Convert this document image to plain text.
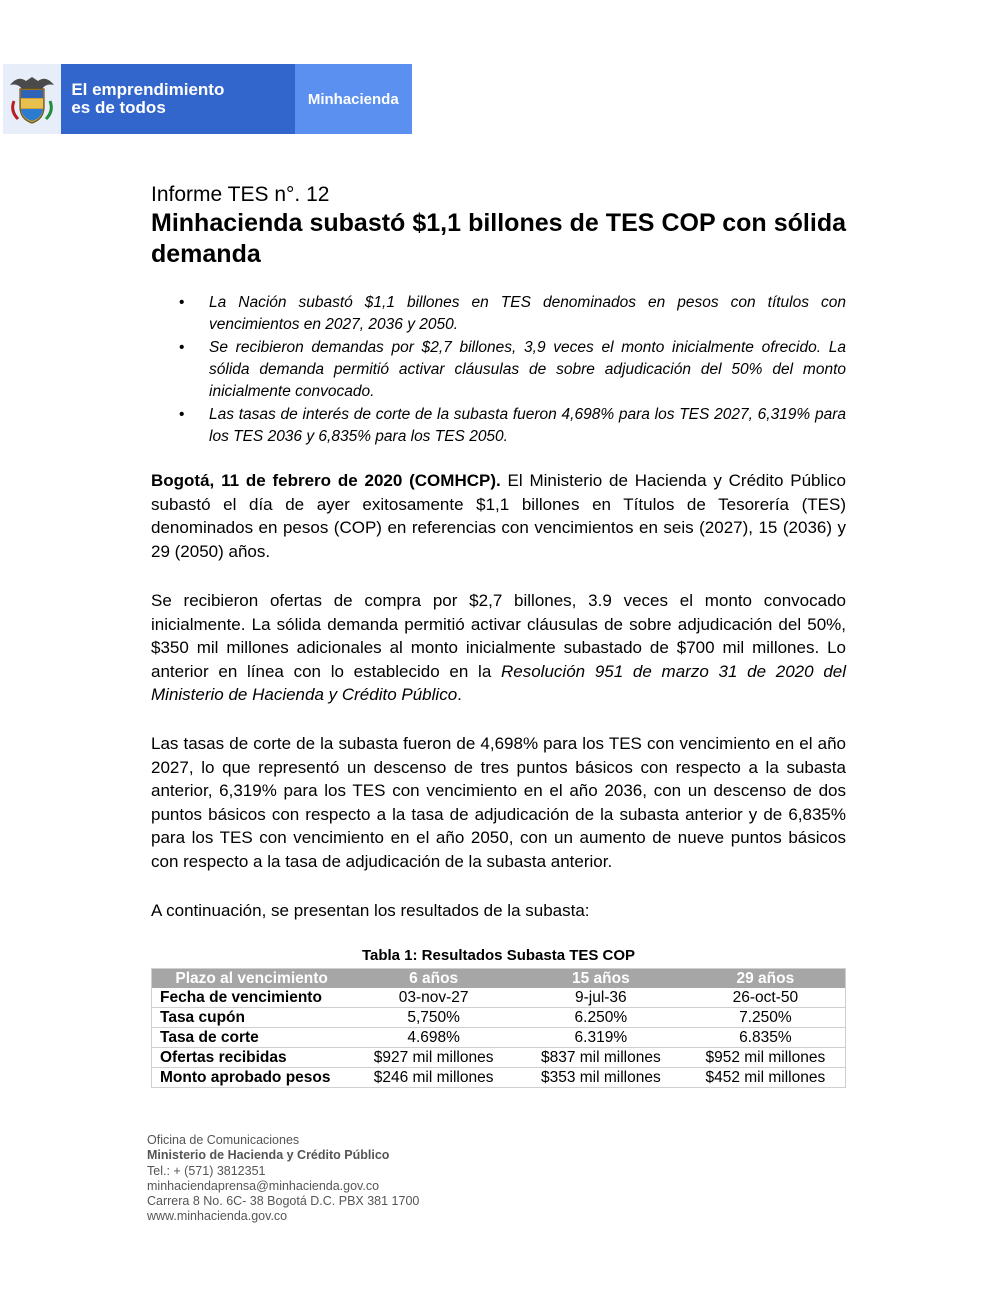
El emprendimiento
es de todos	Minhacienda
Informe TES n°. 12
Minhacienda subastó $1,1 billones de TES COP con sólida demanda
• La Nación subastó $1,1 billones en TES denominados en pesos con títulos con vencimientos en 2027, 2036 y 2050.
• Se recibieron demandas por $2,7 billones, 3,9 veces el monto inicialmente ofrecido. La sólida demanda permitió activar cláusulas de sobre adjudicación del 50% del monto inicialmente convocado.
• Las tasas de interés de corte de la subasta fueron 4,698% para los TES 2027, 6,319% para los TES 2036 y 6,835% para los TES 2050.

Bogotá, 11 de febrero de 2020 (COMHCP). El Ministerio de Hacienda y Crédito Público subastó el día de ayer exitosamente $1,1 billones en Títulos de Tesorería (TES) denominados en pesos (COP) en referencias con vencimientos en seis (2027), 15 (2036) y 29 (2050) años.

Se recibieron ofertas de compra por $2,7 billones, 3.9 veces el monto convocado inicialmente. La sólida demanda permitió activar cláusulas de sobre adjudicación del 50%, $350 mil millones adicionales al monto inicialmente subastado de $700 mil millones. Lo anterior en línea con lo establecido en la Resolución 951 de marzo 31 de 2020 del Ministerio de Hacienda y Crédito Público.

Las tasas de corte de la subasta fueron de 4,698% para los TES con vencimiento en el año 2027, lo que representó un descenso de tres puntos básicos con respecto a la subasta anterior, 6,319% para los TES con vencimiento en el año 2036, con un descenso de dos puntos básicos con respecto a la tasa de adjudicación de la subasta anterior y de 6,835% para los TES con vencimiento en el año 2050, con un aumento de nueve puntos básicos con respecto a la tasa de adjudicación de la subasta anterior.

A continuación, se presentan los resultados de la subasta:

Tabla 1: Resultados Subasta TES COP
Plazo al vencimiento	6 años	15 años	29 años
Fecha de vencimiento	03-nov-27	9-jul-36	26-oct-50
Tasa cupón	5,750%	6.250%	7.250%
Tasa de corte	4.698%	6.319%	6.835%
Ofertas recibidas	$927 mil millones	$837 mil millones	$952 mil millones
Monto aprobado pesos	$246 mil millones	$353 mil millones	$452 mil millones
Oficina de Comunicaciones
Ministerio de Hacienda y Crédito Público
Tel.: + (571) 3812351
minhaciendaprensa@minhacienda.gov.co
Carrera 8 No. 6C- 38 Bogotá D.C. PBX 381 1700
www.minhacienda.gov.co
